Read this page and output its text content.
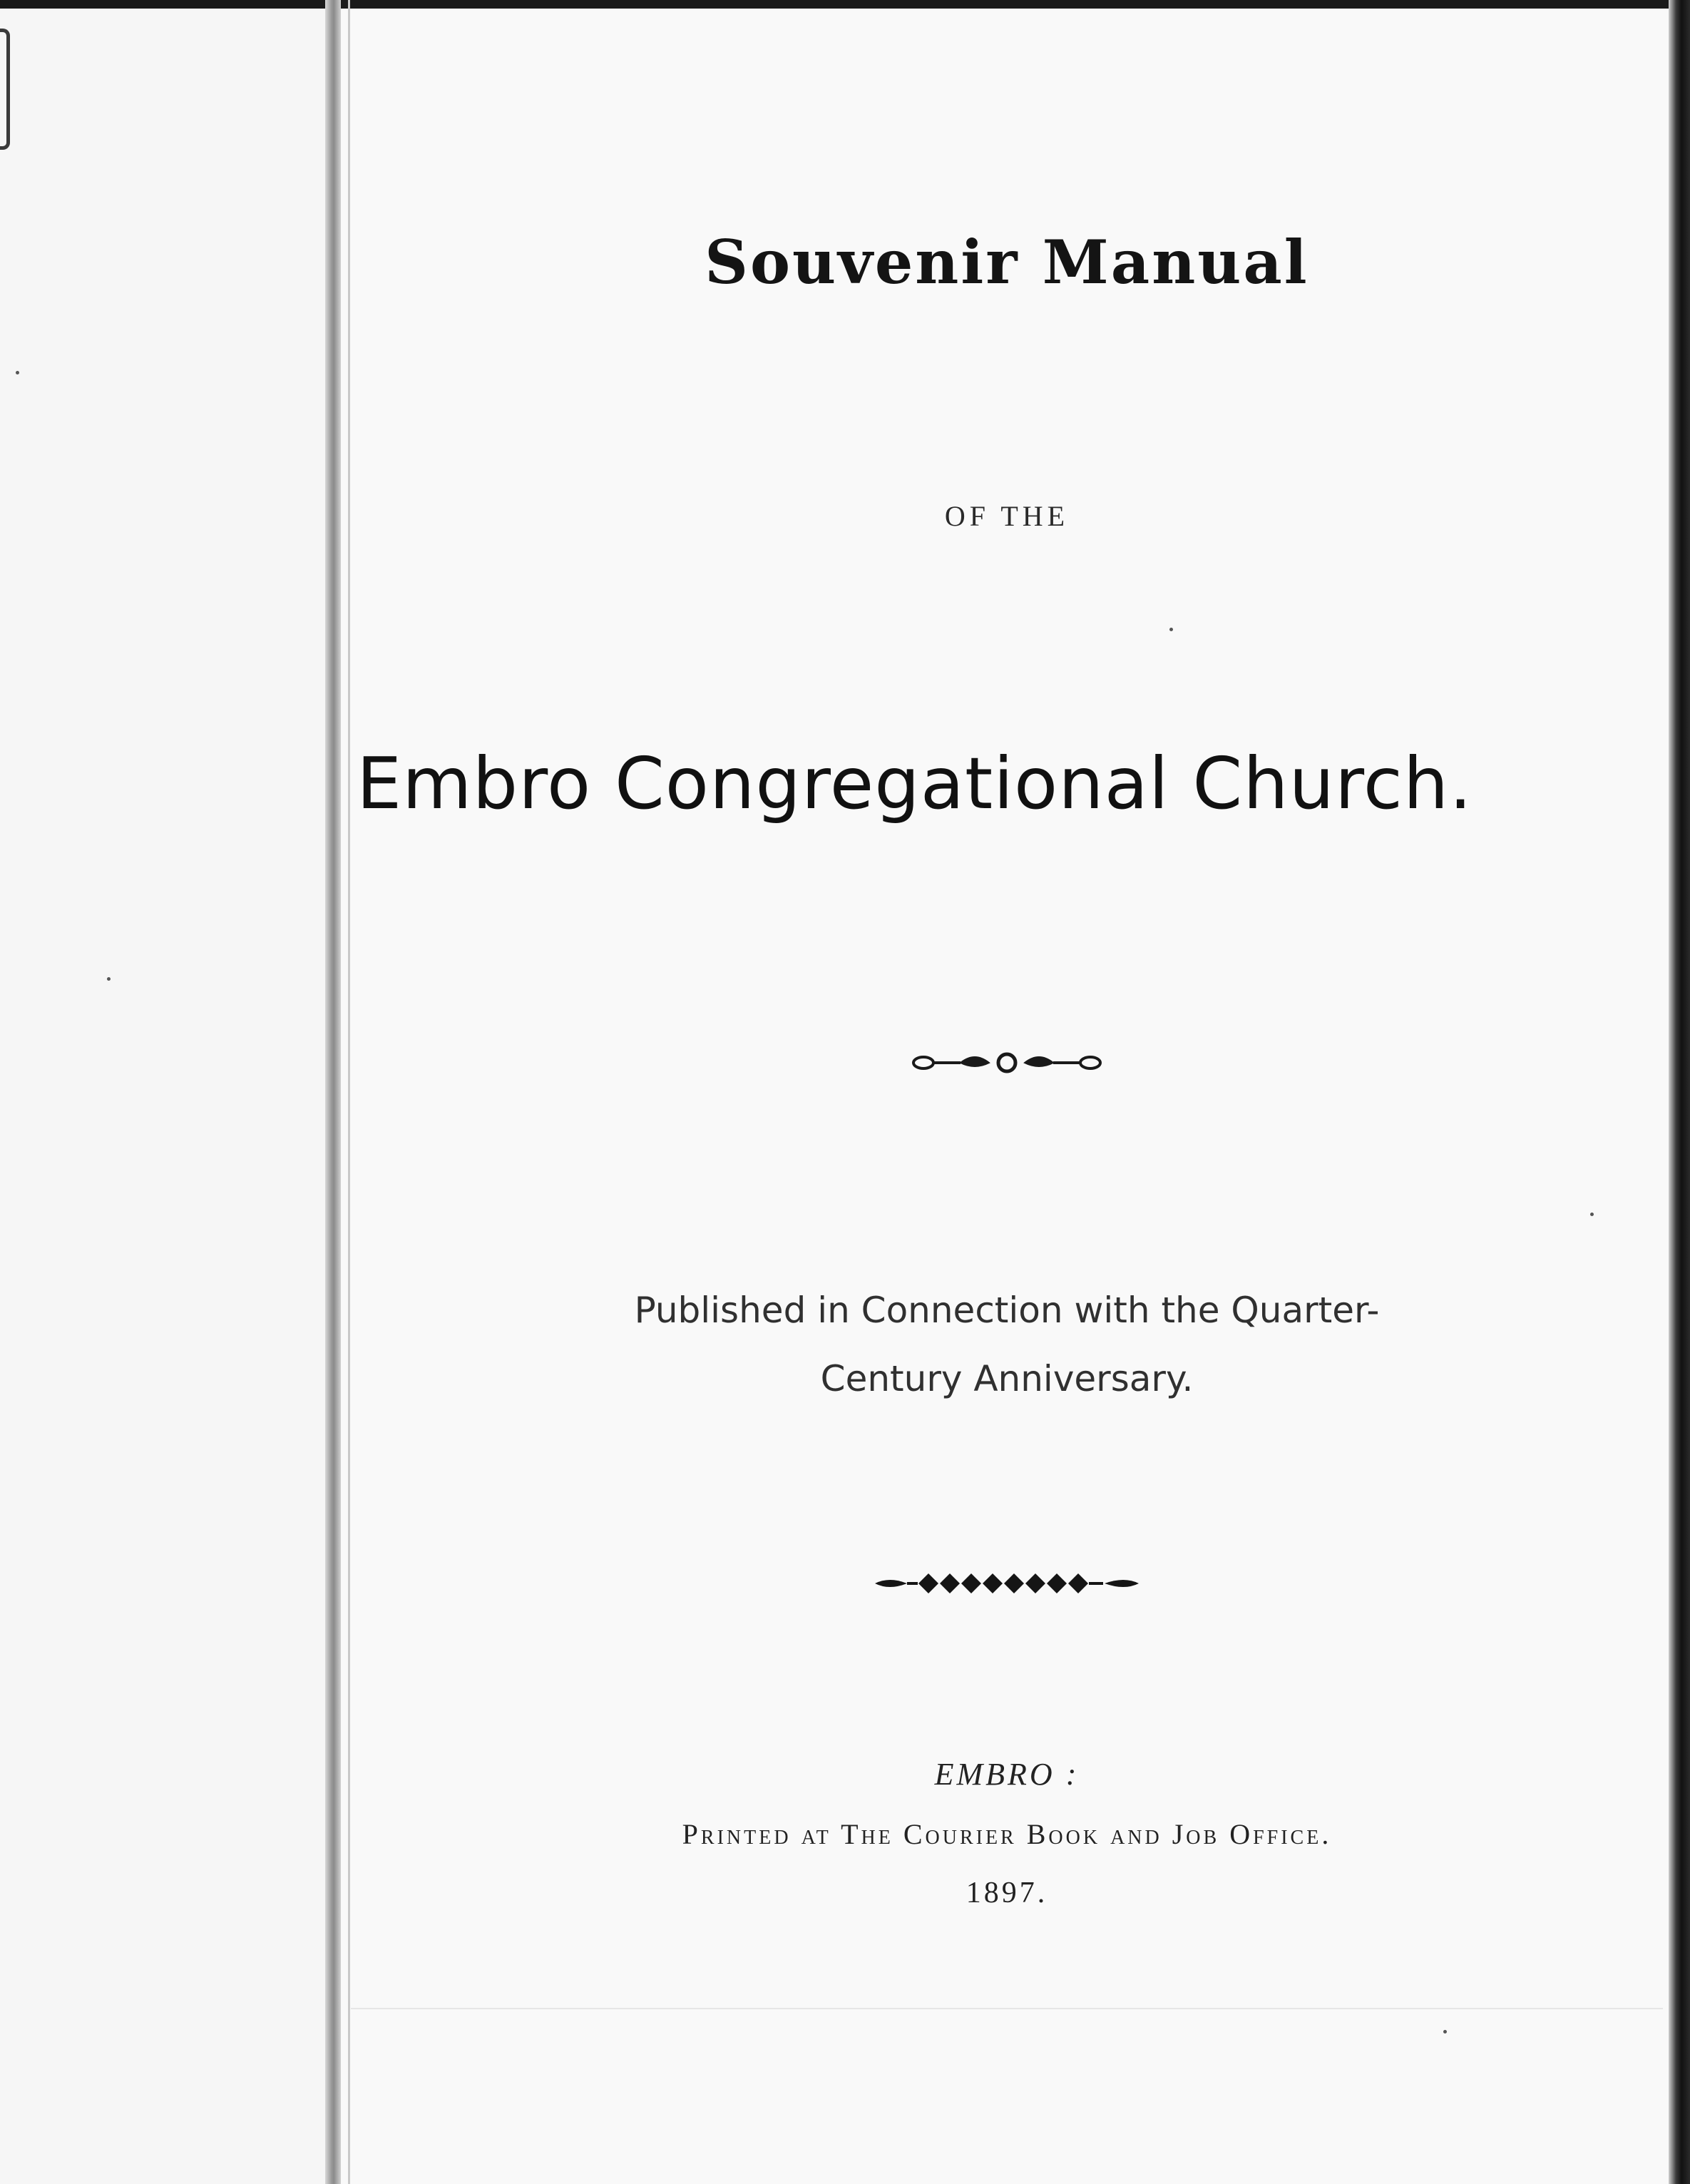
Souvenir Manual
OF THE
Embro Congregational Church.
Published in Connection with the Quarter-
Century Anniversary.
EMBRO :
Printed at The Courier Book and Job Office.
1897.
